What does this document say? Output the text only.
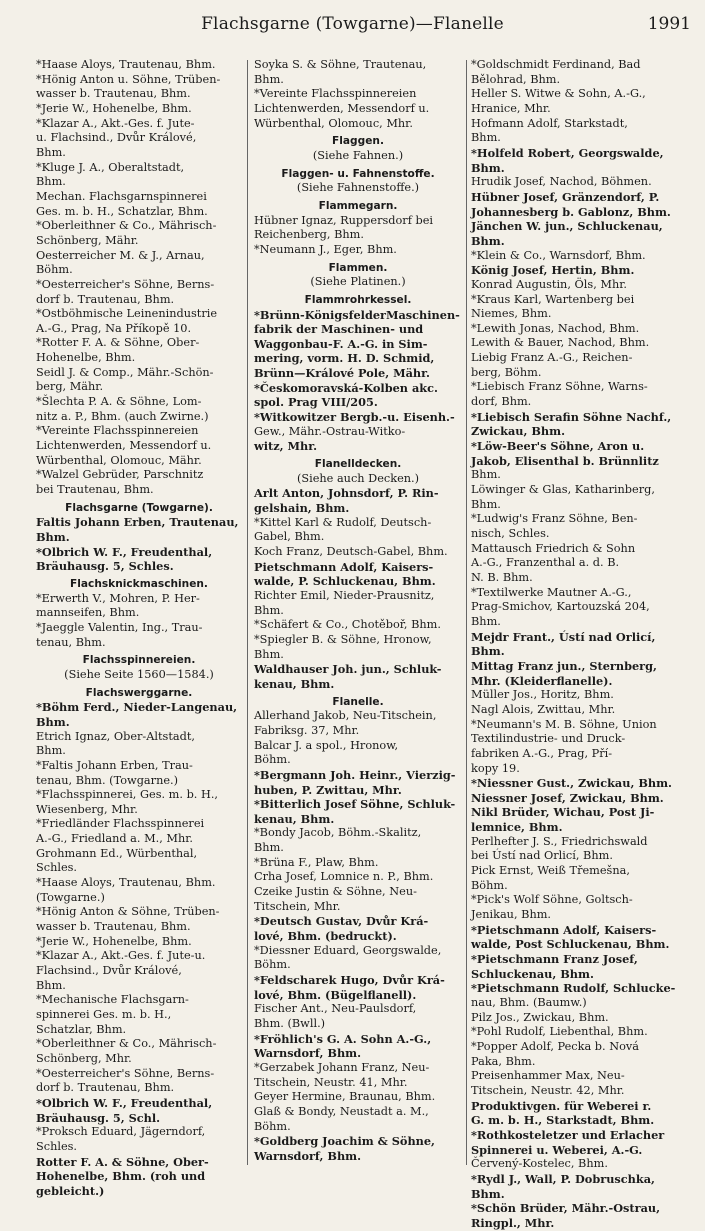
Flachsgarne (Towgarne)—Flanelle	1991
*Haase Aloys, Trautenau, Bhm.
*Hönig Anton u. Söhne, Trüben-
wasser b. Trautenau, Bhm.
*Jerie W., Hohenelbe, Bhm.
*Klazar A., Akt.-Ges. f. Jute-
u. Flachsind., Dvůr Králové,
Bhm.
*Kluge J. A., Oberaltstadt,
Bhm.
Mechan. Flachsgarnspinnerei
Ges. m. b. H., Schatzlar, Bhm.
*Oberleithner & Co., Mährisch-
Schönberg, Mähr.
Oesterreicher M. & J., Arnau,
Böhm.
*Oesterreicher's Söhne, Berns-
dorf b. Trautenau, Bhm.
*Ostböhmische Leinenindustrie
A.-G., Prag, Na Příkopě 10.
*Rotter F. A. & Söhne, Ober-
Hohenelbe, Bhm.
Seidl J. & Comp., Mähr.-Schön-
berg, Mähr.
*Šlechta P. A. & Söhne, Lom-
nitz a. P., Bhm. (auch Zwirne.)
*Vereinte Flachsspinnereien
Lichtenwerden, Messendorf u.
Würbenthal, Olomouc, Mähr.
*Walzel Gebrüder, Parschnitz
bei Trautenau, Bhm.
Flachsgarne (Towgarne).
Faltis Johann Erben, Trautenau,
Bhm.
*Olbrich W. F., Freudenthal,
Bräuhausg. 5, Schles.
Flachsknickmaschinen.
*Erwerth V., Mohren, P. Her-
mannseifen, Bhm.
*Jaeggle Valentin, Ing., Trau-
tenau, Bhm.
Flachsspinnereien.
(Siehe Seite 1560—1584.)
Flachswerggarne.
*Böhm Ferd., Nieder-Langenau,
Bhm.
Etrich Ignaz, Ober-Altstadt,
Bhm.
*Faltis Johann Erben, Trau-
tenau, Bhm. (Towgarne.)
*Flachsspinnerei, Ges. m. b. H.,
Wiesenberg, Mhr.
*Friedländer Flachsspinnerei
A.-G., Friedland a. M., Mhr.
Grohmann Ed., Würbenthal,
Schles.
*Haase Aloys, Trautenau, Bhm.
(Towgarne.)
*Hönig Anton & Söhne, Trüben-
wasser b. Trautenau, Bhm.
*Jerie W., Hohenelbe, Bhm.
*Klazar A., Akt.-Ges. f. Jute-u.
Flachsind., Dvůr Králové,
Bhm.
*Mechanische Flachsgarn-
spinnerei Ges. m. b. H.,
Schatzlar, Bhm.
*Oberleithner & Co., Mährisch-
Schönberg, Mhr.
*Oesterreicher's Söhne, Berns-
dorf b. Trautenau, Bhm.
*Olbrich W. F., Freudenthal,
Bräuhausg. 5, Schl.
*Proksch Eduard, Jägerndorf,
Schles.
Rotter F. A. & Söhne, Ober-
Hohenelbe, Bhm. (roh und
gebleicht.)
Soyka S. & Söhne, Trautenau,
Bhm.
*Vereinte Flachsspinnereien
Lichtenwerden, Messendorf u.
Würbenthal, Olomouc, Mhr.
Flaggen.
(Siehe Fahnen.)
Flaggen- u. Fahnenstoffe.
(Siehe Fahnenstoffe.)
Flammegarn.
Hübner Ignaz, Ruppersdorf bei
Reichenberg, Bhm.
*Neumann J., Eger, Bhm.
Flammen.
(Siehe Platinen.)
Flammrohrkessel.
*Brünn-KönigsfelderMaschinen-
fabrik der Maschinen- und
Waggonbau-F. A.-G. in Sim-
mering, vorm. H. D. Schmid,
Brünn—Králové Pole, Mähr.
*Českomoravská-Kolben akc.
spol. Prag VIII/205.
*Witkowitzer Bergb.-u. Eisenh.-
Gew., Mähr.-Ostrau-Witko-
witz, Mhr.
Flanelldecken.
(Siehe auch Decken.)
Arlt Anton, Johnsdorf, P. Rin-
gelshain, Bhm.
*Kittel Karl & Rudolf, Deutsch-
Gabel, Bhm.
Koch Franz, Deutsch-Gabel, Bhm.
Pietschmann Adolf, Kaisers-
walde, P. Schluckenau, Bhm.
Richter Emil, Nieder-Prausnitz,
Bhm.
*Schäfert & Co., Chotěboř, Bhm.
*Spiegler B. & Söhne, Hronow,
Bhm.
Waldhauser Joh. jun., Schluk-
kenau, Bhm.
Flanelle.
Allerhand Jakob, Neu-Titschein,
Fabriksg. 37, Mhr.
Balcar J. a spol., Hronow,
Böhm.
*Bergmann Joh. Heinr., Vierzig-
huben, P. Zwittau, Mhr.
*Bitterlich Josef Söhne, Schluk-
kenau, Bhm.
*Bondy Jacob, Böhm.-Skalitz,
Bhm.
*Brüna F., Plaw, Bhm.
Crha Josef, Lomnice n. P., Bhm.
Czeike Justin & Söhne, Neu-
Titschein, Mhr.
*Deutsch Gustav, Dvůr Krá-
lové, Bhm. (bedruckt).
*Diessner Eduard, Georgswalde,
Böhm.
*Feldscharek Hugo, Dvůr Krá-
lové, Bhm. (Bügelflanell).
Fischer Ant., Neu-Paulsdorf,
Bhm. (Bwll.)
*Fröhlich's G. A. Sohn A.-G.,
Warnsdorf, Bhm.
*Gerzabek Johann Franz, Neu-
Titschein, Neustr. 41, Mhr.
Geyer Hermine, Braunau, Bhm.
Glaß & Bondy, Neustadt a. M.,
Böhm.
*Goldberg Joachim & Söhne,
Warnsdorf, Bhm.
*Goldschmidt Ferdinand, Bad
Bělohrad, Bhm.
Heller S. Witwe & Sohn, A.-G.,
Hranice, Mhr.
Hofmann Adolf, Starkstadt,
Bhm.
*Holfeld Robert, Georgswalde,
Bhm.
Hrudik Josef, Nachod, Böhmen.
Hübner Josef, Gränzendorf, P.
Johannesberg b. Gablonz, Bhm.
Jänchen W. jun., Schluckenau,
Bhm.
*Klein & Co., Warnsdorf, Bhm.
König Josef, Hertin, Bhm.
Konrad Augustin, Öls, Mhr.
*Kraus Karl, Wartenberg bei
Niemes, Bhm.
*Lewith Jonas, Nachod, Bhm.
Lewith & Bauer, Nachod, Bhm.
Liebig Franz A.-G., Reichen-
berg, Böhm.
*Liebisch Franz Söhne, Warns-
dorf, Bhm.
*Liebisch Serafin Söhne Nachf.,
Zwickau, Bhm.
*Löw-Beer's Söhne, Aron u.
Jakob, Elisenthal b. Brünnlitz
Bhm.
Löwinger & Glas, Katharinberg,
Bhm.
*Ludwig's Franz Söhne, Ben-
nisch, Schles.
Mattausch Friedrich & Sohn
A.-G., Franzenthal a. d. B.
N. B. Bhm.
*Textilwerke Mautner A.-G.,
Prag-Smichov, Kartouzská 204,
Bhm.
Mejdr Frant., Ústí nad Orlicí,
Bhm.
Mittag Franz jun., Sternberg,
Mhr. (Kleiderflanelle).
Müller Jos., Horitz, Bhm.
Nagl Alois, Zwittau, Mhr.
*Neumann's M. B. Söhne, Union
Textilindustrie- und Druck-
fabriken A.-G., Prag, Pří-
kopy 19.
*Niessner Gust., Zwickau, Bhm.
Niessner Josef, Zwickau, Bhm.
Nikl Brüder, Wichau, Post Ji-
lemnice, Bhm.
Perlhefter J. S., Friedrichswald
bei Ústí nad Orlicí, Bhm.
Pick Ernst, Weiß Třemešna,
Böhm.
*Pick's Wolf Söhne, Goltsch-
Jenikau, Bhm.
*Pietschmann Adolf, Kaisers-
walde, Post Schluckenau, Bhm.
*Pietschmann Franz Josef,
Schluckenau, Bhm.
*Pietschmann Rudolf, Schlucke-
nau, Bhm. (Baumw.)
Pilz Jos., Zwickau, Bhm.
*Pohl Rudolf, Liebenthal, Bhm.
*Popper Adolf, Pecka b. Nová
Paka, Bhm.
Preisenhammer Max, Neu-
Titschein, Neustr. 42, Mhr.
Produktivgen. für Weberei r.
G. m. b. H., Starkstadt, Bhm.
*Rothkosteletzer und Erlacher
Spinnerei u. Weberei, A.-G.
Červený-Kostelec, Bhm.
*Rydl J., Wall, P. Dobruschka,
Bhm.
*Schön Brüder, Mähr.-Ostrau,
Ringpl., Mhr.
